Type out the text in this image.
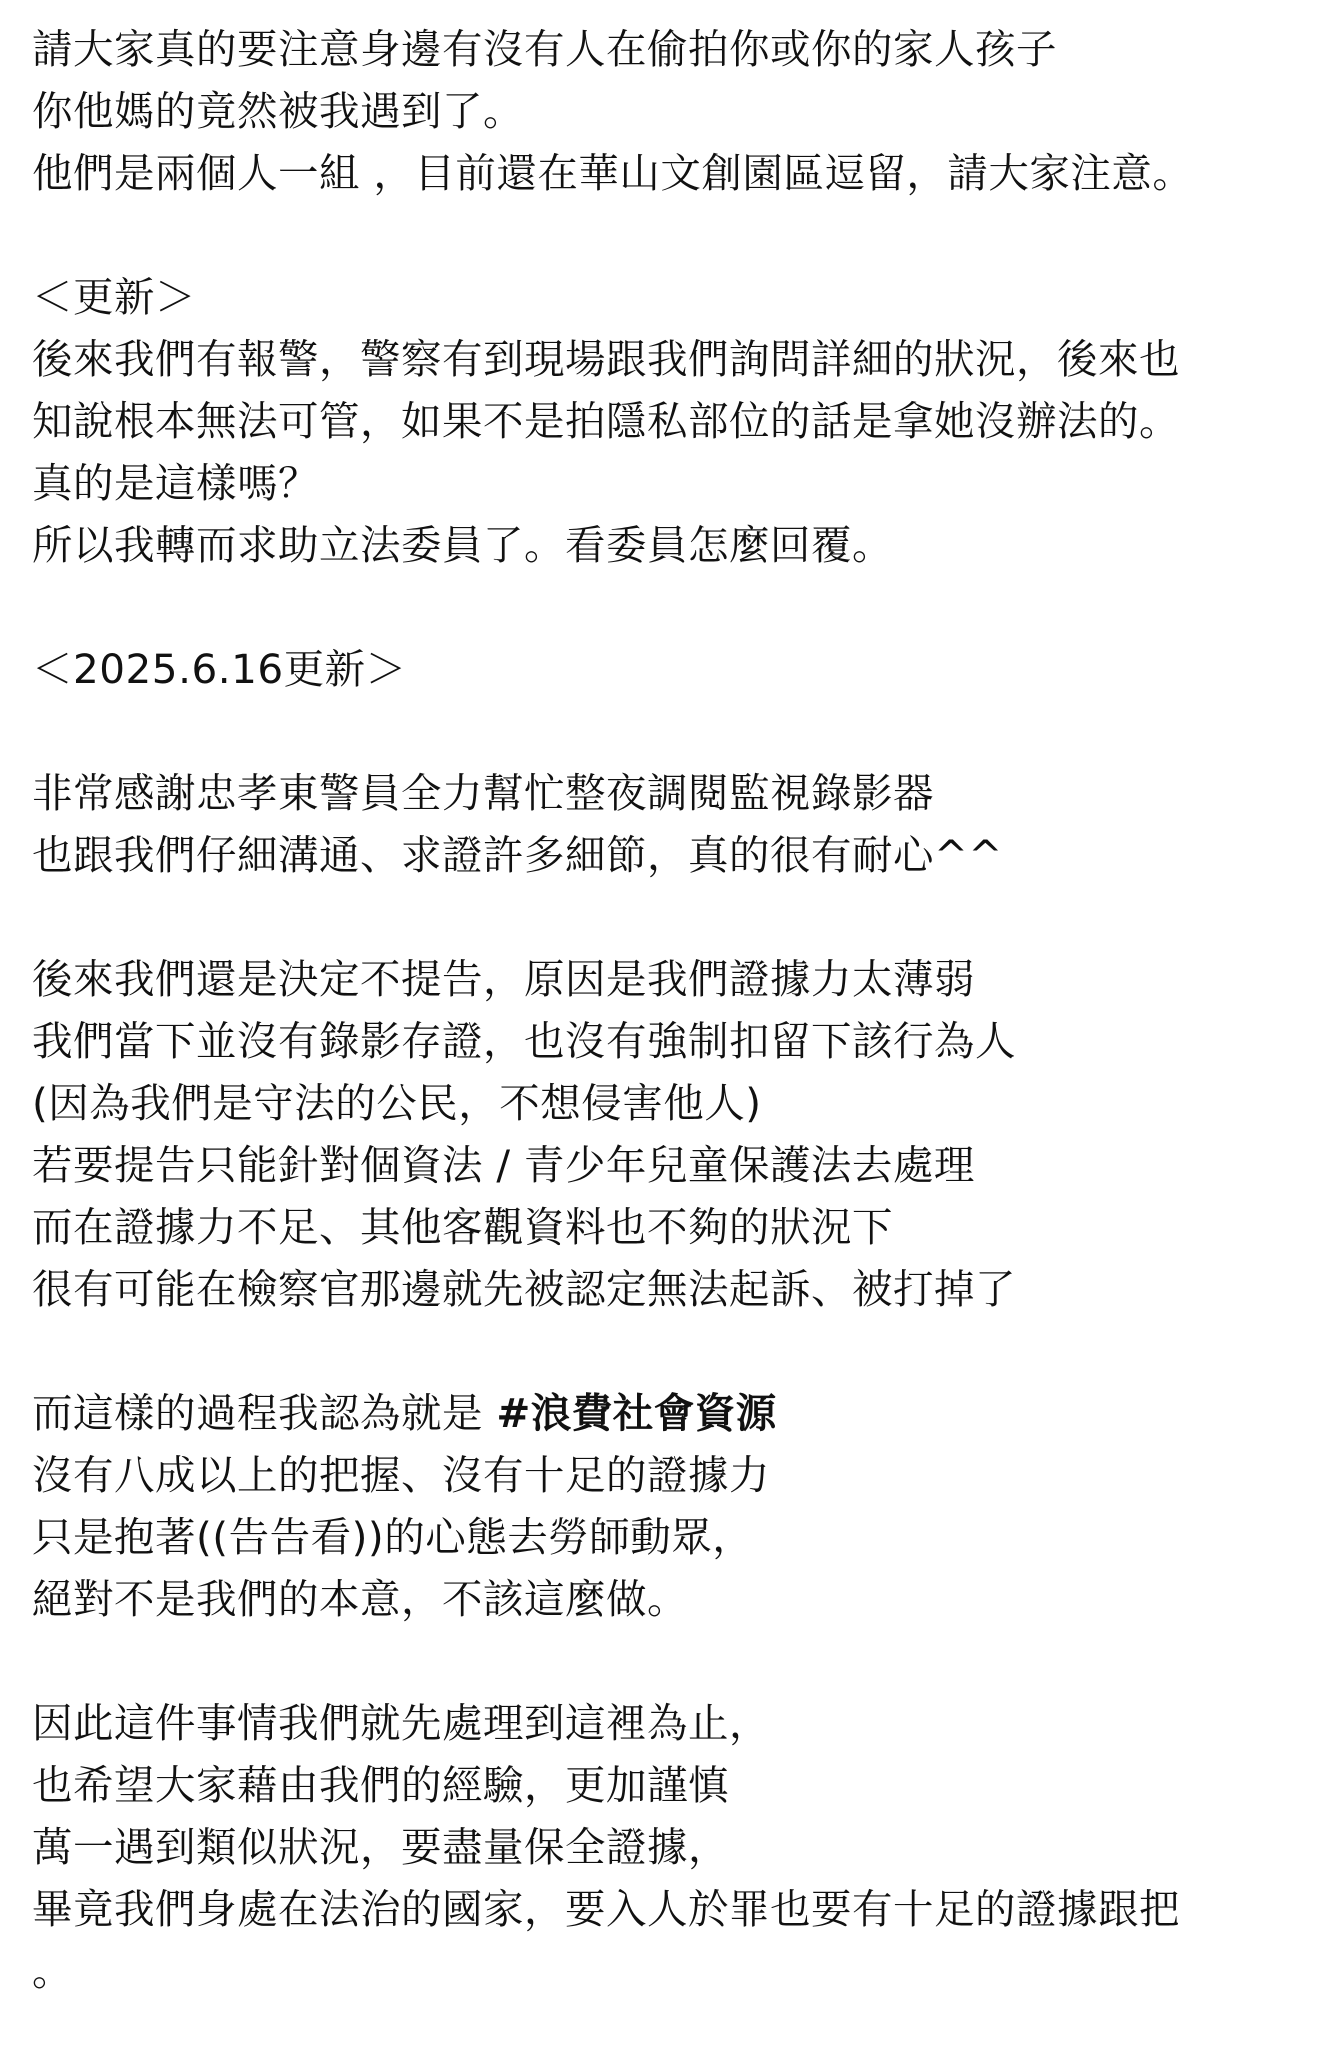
請大家真的要注意身邊有沒有人在偷拍你或你的家人孩子
你他媽的竟然被我遇到了。
他們是兩個人一組 ，目前還在華山文創園區逗留，請大家注意。
＜更新＞
後來我們有報警，警察有到現場跟我們詢問詳細的狀況，後來也
知說根本無法可管，如果不是拍隱私部位的話是拿她沒辦法的。
真的是這樣嗎？
所以我轉而求助立法委員了。看委員怎麼回覆。
＜2025.6.16更新＞
非常感謝忠孝東警員全力幫忙整夜調閱監視錄影器
也跟我們仔細溝通、求證許多細節，真的很有耐心^^
後來我們還是決定不提告，原因是我們證據力太薄弱
我們當下並沒有錄影存證，也沒有強制扣留下該行為人
(因為我們是守法的公民，不想侵害他人)
若要提告只能針對個資法 / 青少年兒童保護法去處理
而在證據力不足、其他客觀資料也不夠的狀況下
很有可能在檢察官那邊就先被認定無法起訴、被打掉了
而這樣的過程我認為就是 #浪費社會資源
沒有八成以上的把握、沒有十足的證據力
只是抱著((告告看))的心態去勞師動眾，
絕對不是我們的本意，不該這麼做。
因此這件事情我們就先處理到這裡為止，
也希望大家藉由我們的經驗，更加謹慎
萬一遇到類似狀況，要盡量保全證據，
畢竟我們身處在法治的國家，要入人於罪也要有十足的證據跟把
。
